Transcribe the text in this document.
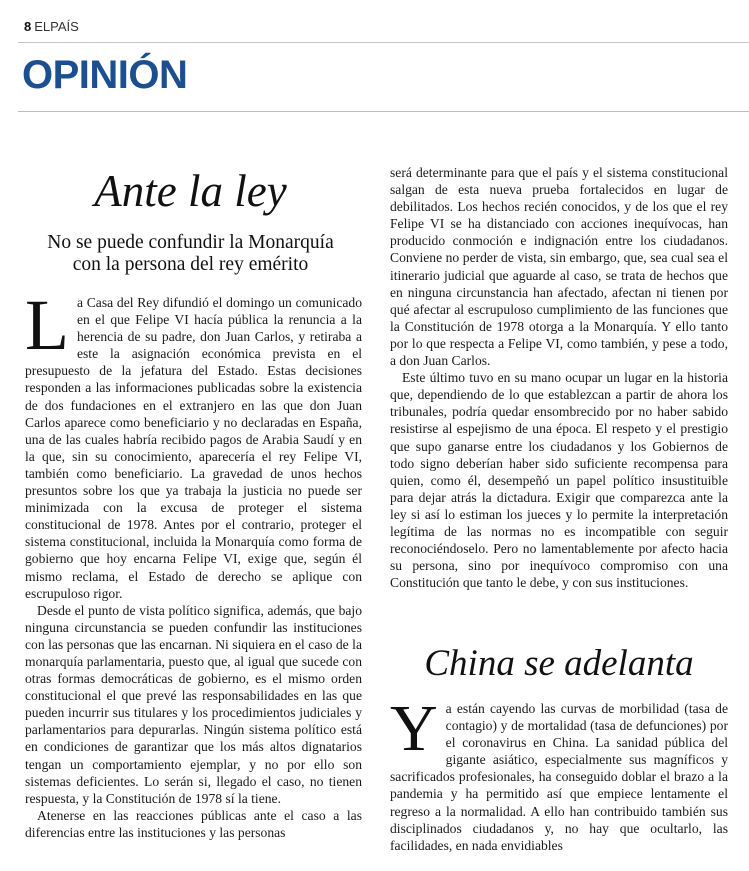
8 ELPAÍS
OPINIÓN
Ante la ley
No se puede confundir la Monarquía
con la persona del rey emérito

La Casa del Rey difundió el domingo un comunicado en el que Felipe VI hacía pública la renuncia a la herencia de su padre, don Juan Carlos, y retiraba a este la asignación económica prevista en el presupuesto de la jefatura del Estado. Estas decisiones responden a las informaciones publicadas sobre la existencia de dos fundaciones en el extranjero en las que don Juan Carlos aparece como beneficiario y no declaradas en España, una de las cuales habría recibido pagos de Arabia Saudí y en la que, sin su conocimiento, aparecería el rey Felipe VI, también como beneficiario. La gravedad de unos hechos presuntos sobre los que ya trabaja la justicia no puede ser minimizada con la excusa de proteger el sistema constitucional de 1978. Antes por el contrario, proteger el sistema constitucional, incluida la Monarquía como forma de gobierno que hoy encarna Felipe VI, exige que, según él mismo reclama, el Estado de derecho se aplique con escrupuloso rigor.

Desde el punto de vista político significa, además, que bajo ninguna circunstancia se pueden confundir las instituciones con las personas que las encarnan. Ni siquiera en el caso de la monarquía parlamentaria, puesto que, al igual que sucede con otras formas democráticas de gobierno, es el mismo orden constitucional el que prevé las responsabilidades en las que pueden incurrir sus titulares y los procedimientos judiciales y parlamentarios para depurarlas. Ningún sistema político está en condiciones de garantizar que los más altos dignatarios tengan un comportamiento ejemplar, y no por ello son sistemas deficientes. Lo serán si, llegado el caso, no tienen respuesta, y la Constitución de 1978 sí la tiene.

Atenerse en las reacciones públicas ante el caso a las diferencias entre las instituciones y las personas

será determinante para que el país y el sistema constitucional salgan de esta nueva prueba fortalecidos en lugar de debilitados. Los hechos recién conocidos, y de los que el rey Felipe VI se ha distanciado con acciones inequívocas, han producido conmoción e indignación entre los ciudadanos. Conviene no perder de vista, sin embargo, que, sea cual sea el itinerario judicial que aguarde al caso, se trata de hechos que en ninguna circunstancia han afectado, afectan ni tienen por qué afectar al escrupuloso cumplimiento de las funciones que la Constitución de 1978 otorga a la Monarquía. Y ello tanto por lo que respecta a Felipe VI, como también, y pese a todo, a don Juan Carlos.

Este último tuvo en su mano ocupar un lugar en la historia que, dependiendo de lo que establezcan a partir de ahora los tribunales, podría quedar ensombrecido por no haber sabido resistirse al espejismo de una época. El respeto y el prestigio que supo ganarse entre los ciudadanos y los Gobiernos de todo signo deberían haber sido suficiente recompensa para quien, como él, desempeñó un papel político insustituible para dejar atrás la dictadura. Exigir que comparezca ante la ley si así lo estiman los jueces y lo permite la interpretación legítima de las normas no es incompatible con seguir reconociéndoselo. Pero no lamentablemente por afecto hacia su persona, sino por inequívoco compromiso con una Constitución que tanto le debe, y con sus instituciones.

China se adelanta

Ya están cayendo las curvas de morbilidad (tasa de contagio) y de mortalidad (tasa de defunciones) por el coronavirus en China. La sanidad pública del gigante asiático, especialmente sus magníficos y sacrificados profesionales, ha conseguido doblar el brazo a la pandemia y ha permitido así que empiece lentamente el regreso a la normalidad. A ello han contribuido también sus disciplinados ciudadanos y, no hay que ocultarlo, las facilidades, en nada envidiables
